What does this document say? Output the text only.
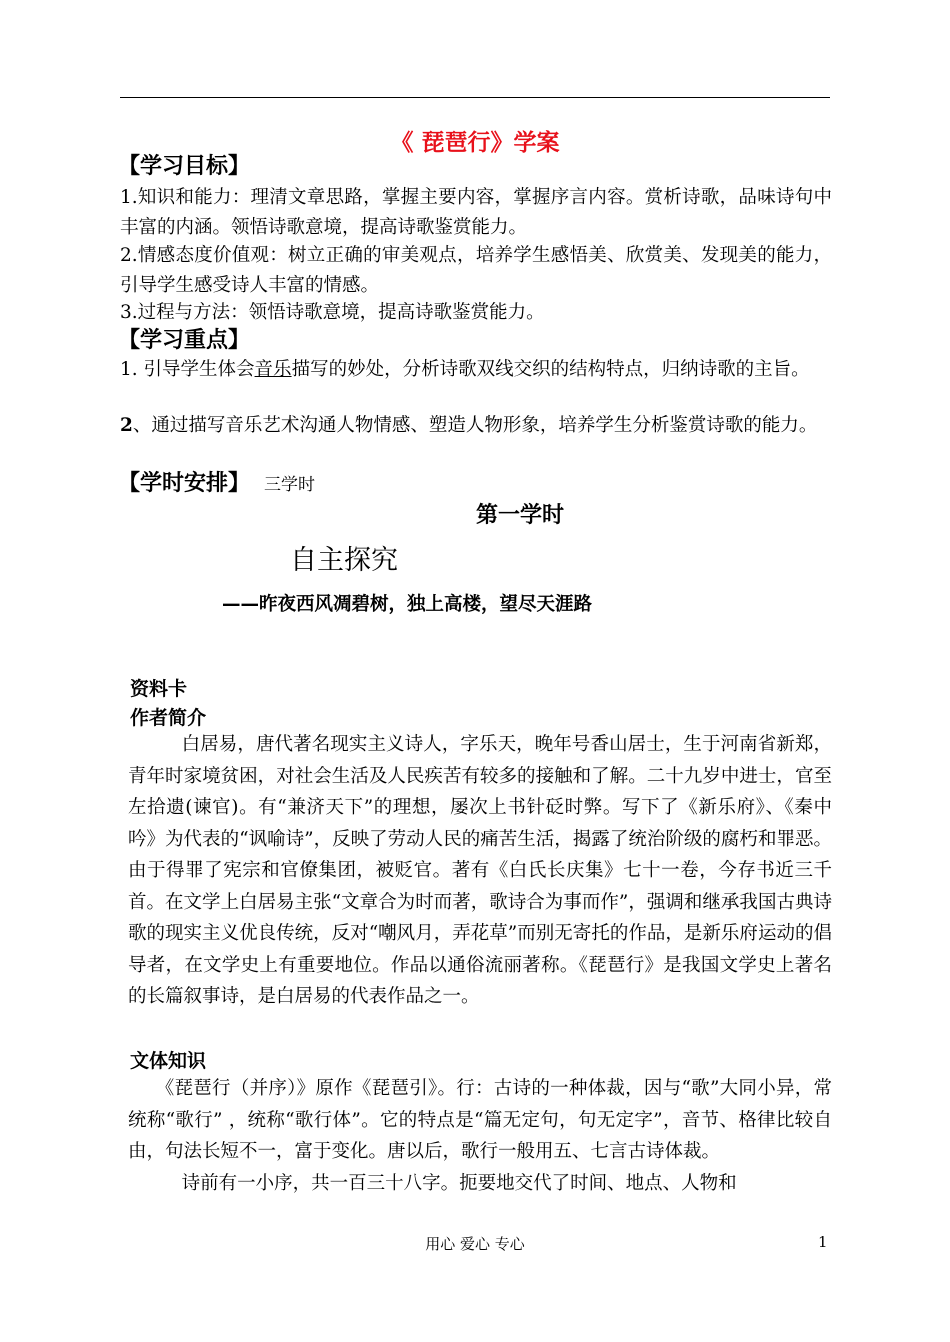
《 琵琶行》学案
【学习目标】
1.知识和能力：理清文章思路，掌握主要内容，掌握序言内容。赏析诗歌，品味诗句中丰富的内涵。领悟诗歌意境，提高诗歌鉴赏能力。
2.情感态度价值观：树立正确的审美观点，培养学生感悟美、欣赏美、发现美的能力，引导学生感受诗人丰富的情感。
3.过程与方法：领悟诗歌意境，提高诗歌鉴赏能力。
【学习重点】
1. 引导学生体会音乐描写的妙处，分析诗歌双线交织的结构特点，归纳诗歌的主旨。
2、通过描写音乐艺术沟通人物情感、塑造人物形象，培养学生分析鉴赏诗歌的能力。
【学时安排】 三学时
第一学时
自主探究
——昨夜西风凋碧树，独上高楼，望尽天涯路
资料卡
作者简介

白居易，唐代著名现实主义诗人，字乐天，晚年号香山居士，生于河南省新郑，青年时家境贫困，对社会生活及人民疾苦有较多的接触和了解。二十九岁中进士，官至左拾遗(谏官)。有“兼济天下”的理想，屡次上书针砭时弊。写下了《新乐府》、《秦中吟》为代表的“讽喻诗”，反映了劳动人民的痛苦生活，揭露了统治阶级的腐朽和罪恶。由于得罪了宪宗和官僚集团，被贬官。著有《白氏长庆集》七十一卷，今存书近三千首。在文学上白居易主张“文章合为时而著，歌诗合为事而作”，强调和继承我国古典诗歌的现实主义优良传统，反对“嘲风月，弄花草”而别无寄托的作品，是新乐府运动的倡导者，在文学史上有重要地位。作品以通俗流丽著称。《琵琶行》是我国文学史上著名的长篇叙事诗，是白居易的代表作品之一。

文体知识

《琵琶行（并序）》原作《琵琶引》。行：古诗的一种体裁，因与“歌”大同小异，常统称“歌行” ，统称“歌行体”。它的特点是“篇无定句，句无定字”，音节、格律比较自由，句法长短不一，富于变化。唐以后，歌行一般用五、七言古诗体裁。

诗前有一小序，共一百三十八字。扼要地交代了时间、地点、人物和

用心 爱心 专心	1
